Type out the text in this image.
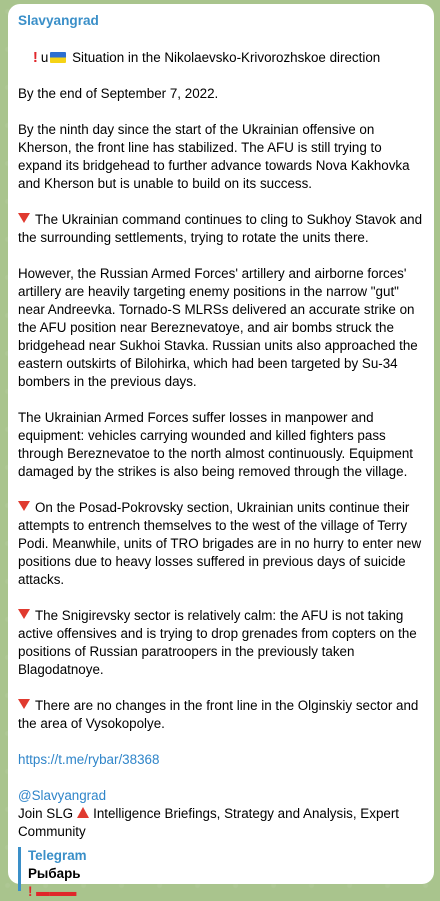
Slavyangrad

! u Situation in the Nikolaevsko-Krivorozhskoe direction

By the end of September 7, 2022.
By the ninth day since the start of the Ukrainian offensive on Kherson, the front line has stabilized. The AFU is still trying to expand its bridgehead to further advance towards Nova Kakhovka and Kherson but is unable to build on its success.
The Ukrainian command continues to cling to Sukhoy Stavok and the surrounding settlements, trying to rotate the units there.
However, the Russian Armed Forces' artillery and airborne forces' artillery are heavily targeting enemy positions in the narrow "gut" near Andreevka. Tornado-S MLRSs delivered an accurate strike on the AFU position near Bereznevatoye, and air bombs struck the bridgehead near Sukhoi Stavka. Russian units also approached the eastern outskirts of Bilohirka, which had been targeted by Su-34 bombers in the previous days.
The Ukrainian Armed Forces suffer losses in manpower and equipment: vehicles carrying wounded and killed fighters pass through Bereznevatoe to the north almost continuously. Equipment damaged by the strikes is also being removed through the village.
On the Posad-Pokrovsky section, Ukrainian units continue their attempts to entrench themselves to the west of the village of Terry Podi. Meanwhile, units of TRO brigades are in no hurry to enter new positions due to heavy losses suffered in previous days of suicide attacks.
The Snigirevsky sector is relatively calm: the AFU is not taking active offensives and is trying to drop grenades from copters on the positions of Russian paratroopers in the previously taken Blagodatnoye.
There are no changes in the front line in the Olginskiy sector and the area of Vysokopolye.
https://t.me/rybar/38368
@Slavyangrad
Join SLG Intelligence Briefings, Strategy and Analysis, Expert Community
Telegram
Рыбарь
! ▬▬▬
